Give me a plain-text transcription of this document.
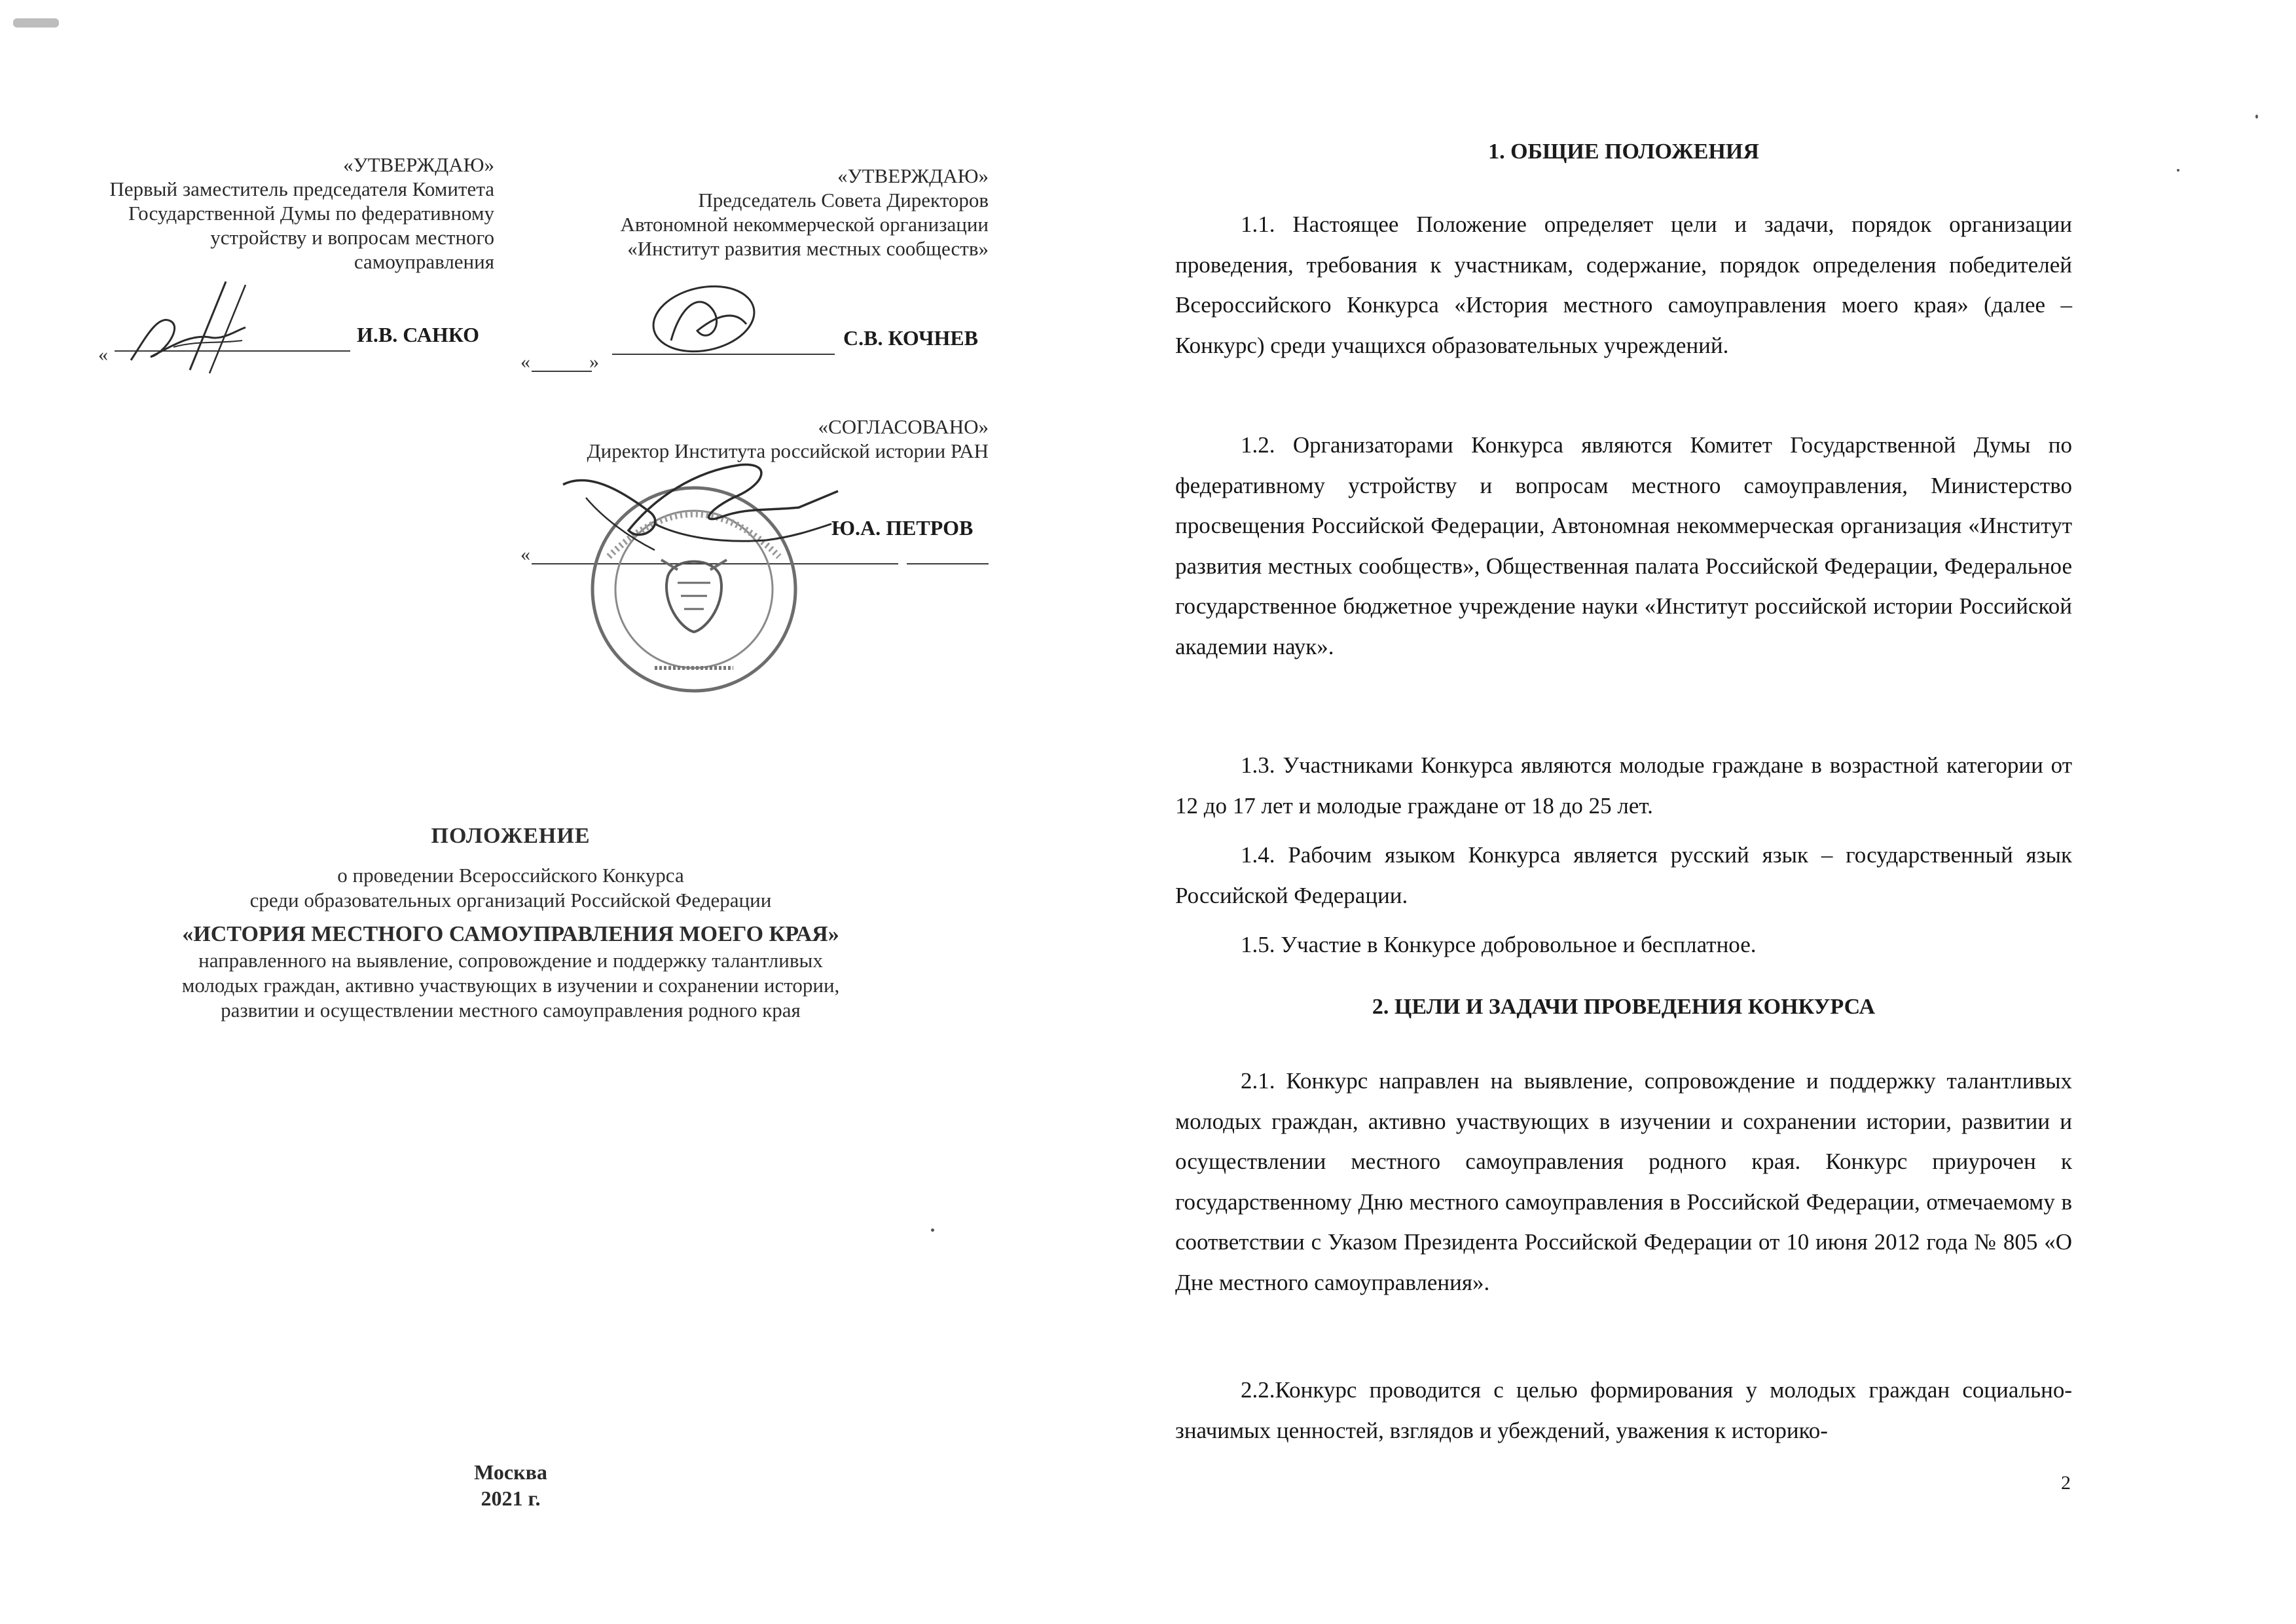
«УТВЕРЖДАЮ»
Первый заместитель председателя Комитета
Государственной Думы по федеративному
устройству и вопросам местного
самоуправления
И.В. САНКО
«
«УТВЕРЖДАЮ»
Председатель Совета Директоров
Автономной некоммерческой организации
«Институт развития местных сообществ»
«	»
С.В. КОЧНЕВ
«СОГЛАСОВАНО»
Директор Института российской истории РАН
«
Ю.А. ПЕТРОВ
ПОЛОЖЕНИЕ
о проведении Всероссийского Конкурса
среди образовательных организаций Российской Федерации
«ИСТОРИЯ МЕСТНОГО САМОУПРАВЛЕНИЯ МОЕГО КРАЯ»
направленного на выявление, сопровождение и поддержку талантливых
молодых граждан, активно участвующих в изучении и сохранении истории,
развитии и осуществлении местного самоуправления родного края
Москва
2021 г.
1. ОБЩИЕ ПОЛОЖЕНИЯ
1.1. Настоящее Положение определяет цели и задачи, порядок организации проведения, требования к участникам, содержание, порядок определения победителей Всероссийского Конкурса «История местного самоуправления моего края» (далее – Конкурс) среди учащихся образовательных учреждений.
1.2. Организаторами Конкурса являются Комитет Государственной Думы по федеративному устройству и вопросам местного самоуправления, Министерство просвещения Российской Федерации, Автономная некоммерческая организация «Институт развития местных сообществ», Общественная палата Российской Федерации, Федеральное государственное бюджетное учреждение науки «Институт российской истории Российской академии наук».
1.3. Участниками Конкурса являются молодые граждане в возрастной категории от 12 до 17 лет и молодые граждане от 18 до 25 лет.
1.4. Рабочим языком Конкурса является русский язык – государственный язык Российской Федерации.
1.5. Участие в Конкурсе добровольное и бесплатное.
2. ЦЕЛИ И ЗАДАЧИ ПРОВЕДЕНИЯ КОНКУРСА
2.1. Конкурс направлен на выявление, сопровождение и поддержку талантливых молодых граждан, активно участвующих в изучении и сохранении истории, развитии и осуществлении местного самоуправления родного края. Конкурс приурочен к государственному Дню местного самоуправления в Российской Федерации, отмечаемому в соответствии с Указом Президента Российской Федерации от 10 июня 2012 года № 805 «О Дне местного самоуправления».
2.2.Конкурс проводится с целью формирования у молодых граждан социально-значимых ценностей, взглядов и убеждений, уважения к историко-
2
